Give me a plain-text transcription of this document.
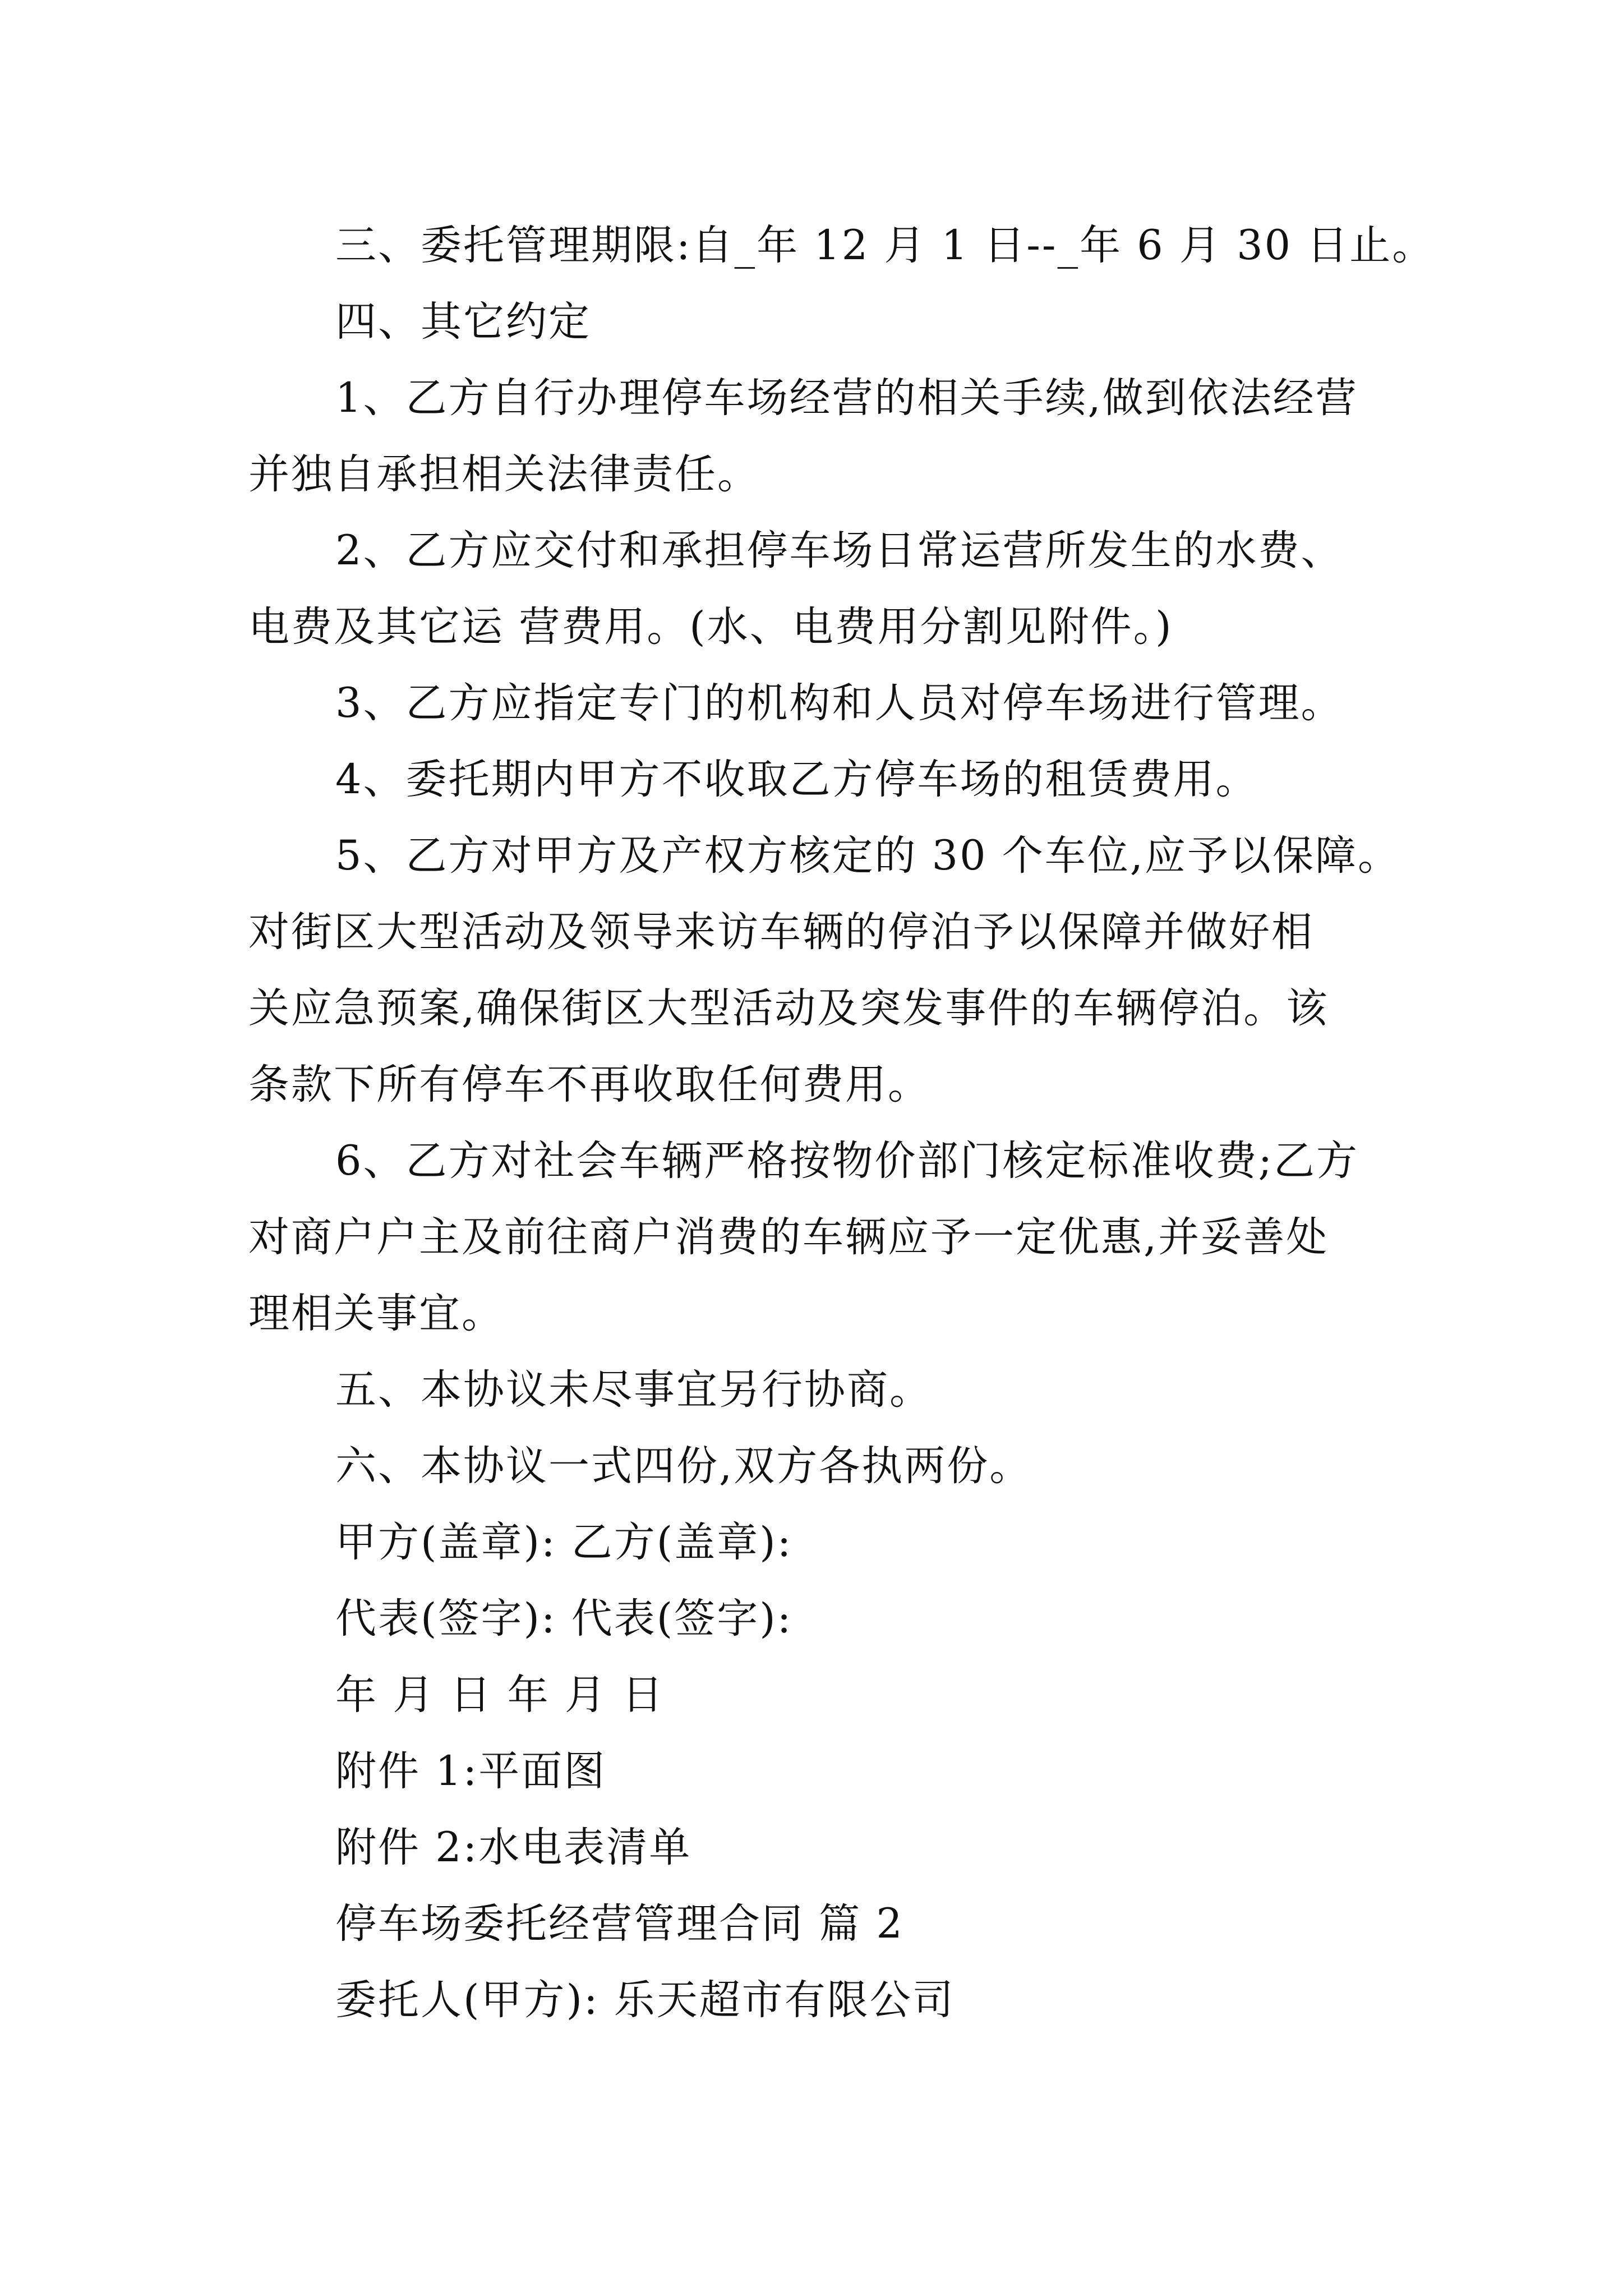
三、委托管理期限:自_年 12 月 1 日--_年 6 月 30 日止。
四、其它约定
1、乙方自行办理停车场经营的相关手续,做到依法经营
并独自承担相关法律责任。
2、乙方应交付和承担停车场日常运营所发生的水费、
电费及其它运 营费用。(水、电费用分割见附件。)
3、乙方应指定专门的机构和人员对停车场进行管理。
4、委托期内甲方不收取乙方停车场的租赁费用。
5、乙方对甲方及产权方核定的 30 个车位,应予以保障。
对街区大型活动及领导来访车辆的停泊予以保障并做好相
关应急预案,确保街区大型活动及突发事件的车辆停泊。该
条款下所有停车不再收取任何费用。
6、乙方对社会车辆严格按物价部门核定标准收费;乙方
对商户户主及前往商户消费的车辆应予一定优惠,并妥善处
理相关事宜。
五、本协议未尽事宜另行协商。
六、本协议一式四份,双方各执两份。
甲方(盖章): 乙方(盖章):
代表(签字): 代表(签字):
年 月 日 年 月 日
附件 1:平面图
附件 2:水电表清单
停车场委托经营管理合同 篇 2
委托人(甲方): 乐天超市有限公司
